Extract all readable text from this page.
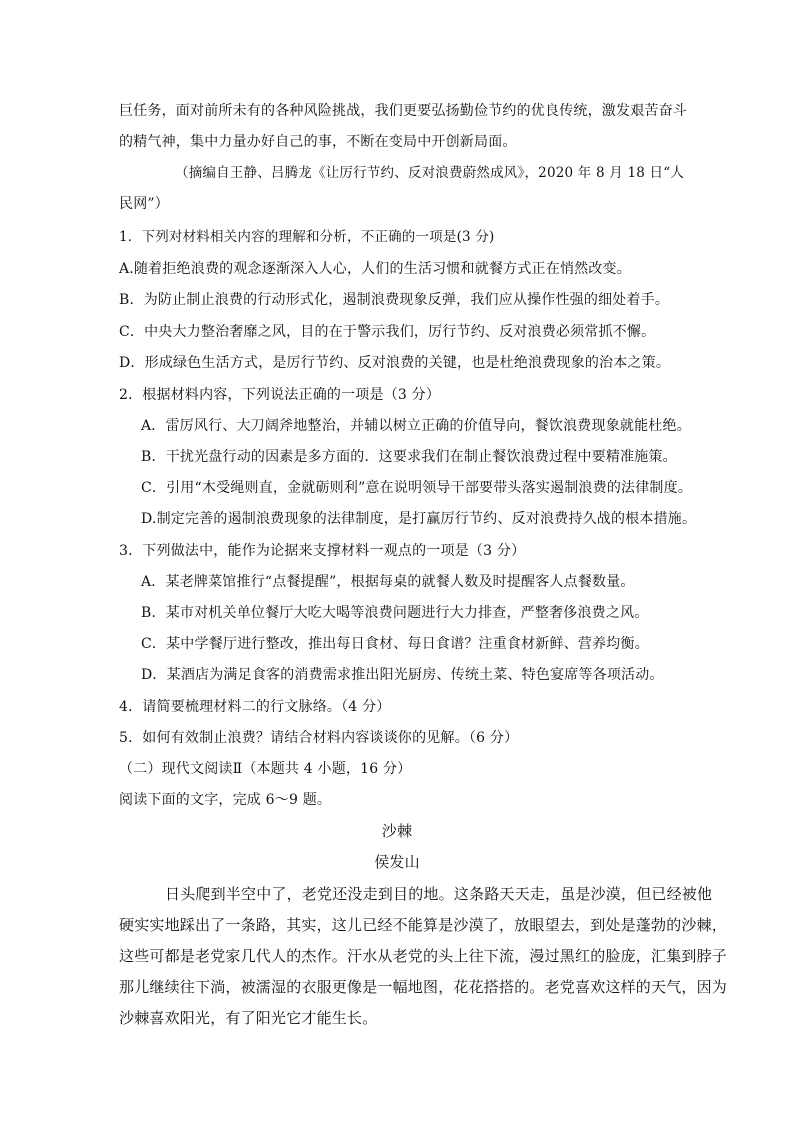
巨任务，面对前所未有的各种风险挑战，我们更要弘扬勤俭节约的优良传统，激发艰苦奋斗
的精气神，集中力量办好自己的事，不断在变局中开创新局面。
（摘编自王静、吕腾龙《让厉行节约、反对浪费蔚然成风》，2020 年 8 月 18 日“人
民网”）
1．下列对材料相关内容的理解和分析，不正确的一项是(3 分)
A.随着拒绝浪费的观念逐渐深入人心，人们的生活习惯和就餐方式正在悄然改变。
B．为防止制止浪费的行动形式化，遏制浪费现象反弹，我们应从操作性强的细处着手。
C．中央大力整治奢靡之风，目的在于警示我们，厉行节约、反对浪费必须常抓不懈。
D．形成绿色生活方式，是厉行节约、反对浪费的关键，也是杜绝浪费现象的治本之策。
2．根据材料内容，下列说法正确的一项是（3 分）
A．雷厉风行、大刀阔斧地整治，并辅以树立正确的价值导向，餐饮浪费现象就能杜绝。
B．干扰光盘行动的因素是多方面的．这要求我们在制止餐饮浪费过程中要精准施策。
C．引用“木受绳则直，金就砺则利”意在说明领导干部要带头落实遏制浪费的法律制度。
D.制定完善的遏制浪费现象的法律制度，是打赢厉行节约、反对浪费持久战的根本措施。
3．下列做法中，能作为论据来支撑材料一观点的一项是（3 分）
A．某老牌菜馆推行“点餐提醒”，根据每桌的就餐人数及时提醒客人点餐数量。
B．某市对机关单位餐厅大吃大喝等浪费问题进行大力排查，严整奢侈浪费之风。
C．某中学餐厅进行整改，推出每日食材、每日食谱？注重食材新鲜、营养均衡。
D．某酒店为满足食客的消费需求推出阳光厨房、传统土菜、特色宴席等各项活动。
4．请简要梳理材料二的行文脉络。（4 分）
5．如何有效制止浪费？请结合材料内容谈谈你的见解。（6 分）
（二）现代文阅读Ⅱ（本题共 4 小题，16 分）
阅读下面的文字，完成 6～9 题。
沙棘
侯发山
日头爬到半空中了，老党还没走到目的地。这条路天天走，虽是沙漠，但已经被他
硬实实地踩出了一条路，其实，这儿已经不能算是沙漠了，放眼望去，到处是蓬勃的沙棘，
这些可都是老党家几代人的杰作。汗水从老党的头上往下流，漫过黑红的脸庞，汇集到脖子
那儿继续往下淌，被濡湿的衣服更像是一幅地图，花花搭搭的。老党喜欢这样的天气，因为
沙棘喜欢阳光，有了阳光它才能生长。
